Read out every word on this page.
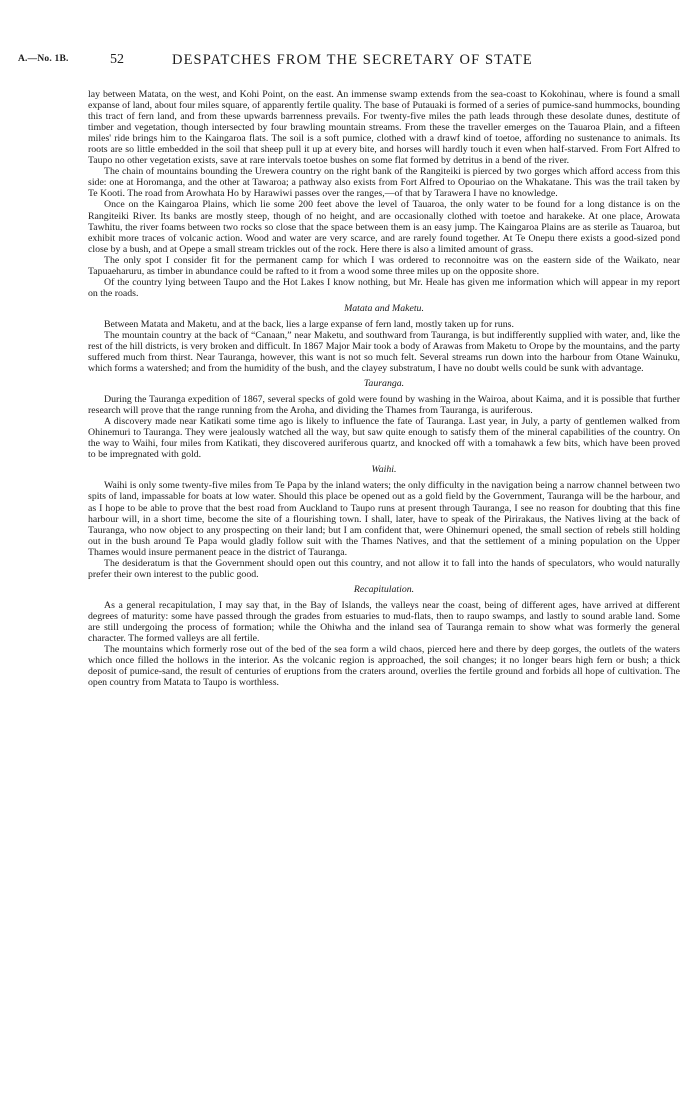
A.—No. 1B.	52	DESPATCHES FROM THE SECRETARY OF STATE

lay between Matata, on the west, and Kohi Point, on the east. An immense swamp extends from the sea-coast to Kokohinau, where is found a small expanse of land, about four miles square, of apparently fertile quality. The base of Putauaki is formed of a series of pumice-sand hummocks, bounding this tract of fern land, and from these upwards barrenness prevails. For twenty-five miles the path leads through these desolate dunes, destitute of timber and vegetation, though intersected by four brawling mountain streams. From these the traveller emerges on the Tauaroa Plain, and a fifteen miles' ride brings him to the Kaingaroa flats. The soil is a soft pumice, clothed with a drawf kind of toetoe, affording no sustenance to animals. Its roots are so little embedded in the soil that sheep pull it up at every bite, and horses will hardly touch it even when half-starved. From Fort Alfred to Taupo no other vegetation exists, save at rare intervals toetoe bushes on some flat formed by detritus in a bend of the river.

The chain of mountains bounding the Urewera country on the right bank of the Rangiteiki is pierced by two gorges which afford access from this side: one at Horomanga, and the other at Tawaroa; a pathway also exists from Fort Alfred to Opouriao on the Whakatane. This was the trail taken by Te Kooti. The road from Arowhata Ho by Harawiwi passes over the ranges,—of that by Tarawera I have no knowledge.

Once on the Kaingaroa Plains, which lie some 200 feet above the level of Tauaroa, the only water to be found for a long distance is on the Rangiteiki River. Its banks are mostly steep, though of no height, and are occasionally clothed with toetoe and harakeke. At one place, Arowata Tawhitu, the river foams between two rocks so close that the space between them is an easy jump. The Kaingaroa Plains are as sterile as Tauaroa, but exhibit more traces of volcanic action. Wood and water are very scarce, and are rarely found together. At Te Onepu there exists a good-sized pond close by a bush, and at Opepe a small stream trickles out of the rock. Here there is also a limited amount of grass.

The only spot I consider fit for the permanent camp for which I was ordered to reconnoitre was on the eastern side of the Waikato, near Tapuaeharuru, as timber in abundance could be rafted to it from a wood some three miles up on the opposite shore.

Of the country lying between Taupo and the Hot Lakes I know nothing, but Mr. Heale has given me information which will appear in my report on the roads.

Matata and Maketu.

Between Matata and Maketu, and at the back, lies a large expanse of fern land, mostly taken up for runs.

The mountain country at the back of “Canaan,” near Maketu, and southward from Tauranga, is but indifferently supplied with water, and, like the rest of the hill districts, is very broken and difficult. In 1867 Major Mair took a body of Arawas from Maketu to Orope by the mountains, and the party suffered much from thirst. Near Tauranga, however, this want is not so much felt. Several streams run down into the harbour from Otane Wainuku, which forms a watershed; and from the humidity of the bush, and the clayey substratum, I have no doubt wells could be sunk with advantage.

Tauranga.

During the Tauranga expedition of 1867, several specks of gold were found by washing in the Wairoa, about Kaima, and it is possible that further research will prove that the range running from the Aroha, and dividing the Thames from Tauranga, is auriferous.

A discovery made near Katikati some time ago is likely to influence the fate of Tauranga. Last year, in July, a party of gentlemen walked from Ohinemuri to Tauranga. They were jealously watched all the way, but saw quite enough to satisfy them of the mineral capabilities of the country. On the way to Waihi, four miles from Katikati, they discovered auriferous quartz, and knocked off with a tomahawk a few bits, which have been proved to be impregnated with gold.

Waihi.

Waihi is only some twenty-five miles from Te Papa by the inland waters; the only difficulty in the navigation being a narrow channel between two spits of land, impassable for boats at low water. Should this place be opened out as a gold field by the Government, Tauranga will be the harbour, and as I hope to be able to prove that the best road from Auckland to Taupo runs at present through Tauranga, I see no reason for doubting that this fine harbour will, in a short time, become the site of a flourishing town. I shall, later, have to speak of the Pirirakaus, the Natives living at the back of Tauranga, who now object to any prospecting on their land; but I am confident that, were Ohinemuri opened, the small section of rebels still holding out in the bush around Te Papa would gladly follow suit with the Thames Natives, and that the settlement of a mining population on the Upper Thames would insure permanent peace in the district of Tauranga.

The desideratum is that the Government should open out this country, and not allow it to fall into the hands of speculators, who would naturally prefer their own interest to the public good.

Recapitulation.

As a general recapitulation, I may say that, in the Bay of Islands, the valleys near the coast, being of different ages, have arrived at different degrees of maturity: some have passed through the grades from estuaries to mud-flats, then to raupo swamps, and lastly to sound arable land. Some are still undergoing the process of formation; while the Ohiwha and the inland sea of Tauranga remain to show what was formerly the general character. The formed valleys are all fertile.

The mountains which formerly rose out of the bed of the sea form a wild chaos, pierced here and there by deep gorges, the outlets of the waters which once filled the hollows in the interior. As the volcanic region is approached, the soil changes; it no longer bears high fern or bush; a thick deposit of pumice-sand, the result of centuries of eruptions from the craters around, overlies the fertile ground and forbids all hope of cultivation. The open country from Matata to Taupo is worthless.
